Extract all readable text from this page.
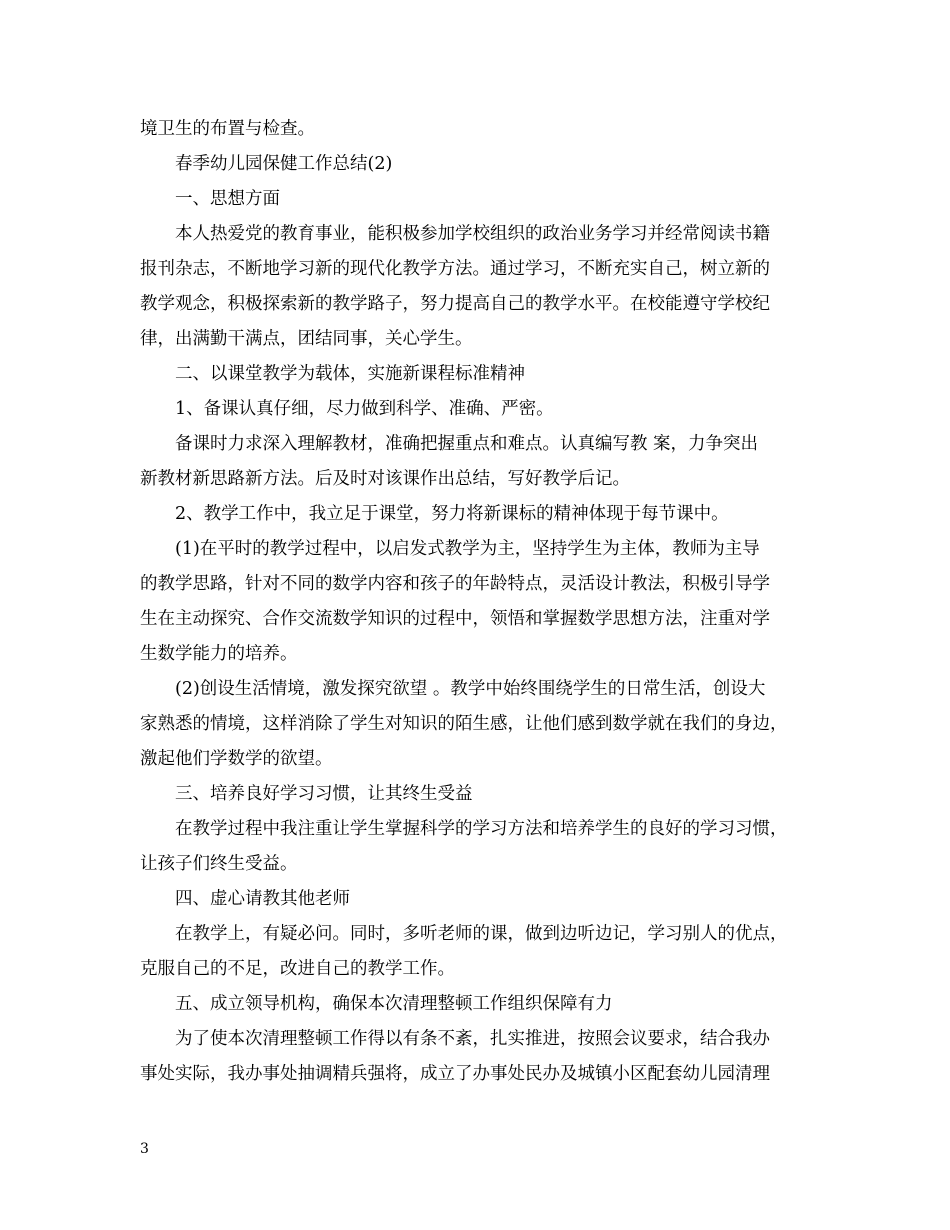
境卫生的布置与检查。
春季幼儿园保健工作总结(2)
一、思想方面
本人热爱党的教育事业，能积极参加学校组织的政治业务学习并经常阅读书籍
报刊杂志，不断地学习新的现代化教学方法。通过学习，不断充实自己，树立新的
教学观念，积极探索新的教学路子，努力提高自己的教学水平。在校能遵守学校纪
律，出满勤干满点，团结同事，关心学生。
二、以课堂教学为载体，实施新课程标准精神
1、备课认真仔细，尽力做到科学、准确、严密。
备课时力求深入理解教材，准确把握重点和难点。认真编写教 案，力争突出
新教材新思路新方法。后及时对该课作出总结，写好教学后记。
2、教学工作中，我立足于课堂，努力将新课标的精神体现于每节课中。
(1)在平时的教学过程中，以启发式教学为主，坚持学生为主体，教师为主导
的教学思路，针对不同的数学内容和孩子的年龄特点，灵活设计教法，积极引导学
生在主动探究、合作交流数学知识的过程中，领悟和掌握数学思想方法，注重对学
生数学能力的培养。
(2)创设生活情境，激发探究欲望 。教学中始终围绕学生的日常生活，创设大
家熟悉的情境，这样消除了学生对知识的陌生感，让他们感到数学就在我们的身边，
激起他们学数学的欲望。
三、培养良好学习习惯，让其终生受益
在教学过程中我注重让学生掌握科学的学习方法和培养学生的良好的学习习惯，
让孩子们终生受益。
四、虚心请教其他老师
在教学上，有疑必问。同时，多听老师的课，做到边听边记，学习别人的优点，
克服自己的不足，改进自己的教学工作。
五、成立领导机构，确保本次清理整顿工作组织保障有力
为了使本次清理整顿工作得以有条不紊，扎实推进，按照会议要求，结合我办
事处实际，我办事处抽调精兵强将，成立了办事处民办及城镇小区配套幼儿园清理
3
